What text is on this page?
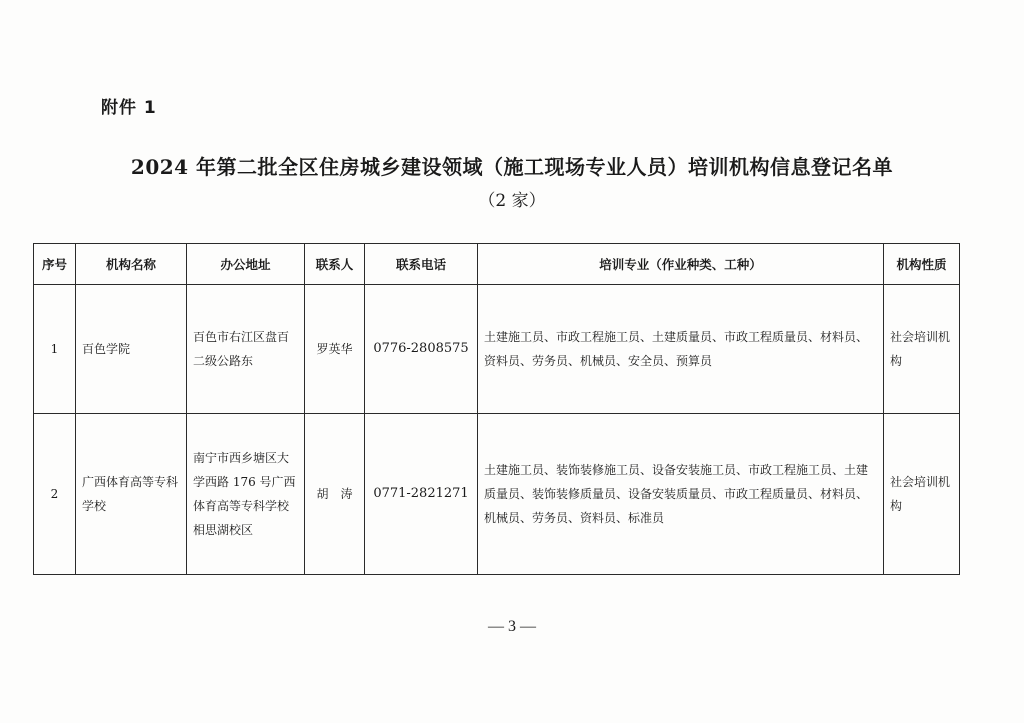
附件 1
2024 年第二批全区住房城乡建设领域（施工现场专业人员）培训机构信息登记名单
（2 家）
序号	机构名称	办公地址	联系人	联系电话	培训专业（作业种类、工种）	机构性质
1	百色学院	百色市右江区盘百二级公路东	罗英华	0776-2808575	土建施工员、市政工程施工员、土建质量员、市政工程质量员、材料员、资料员、劳务员、机械员、安全员、预算员	社会培训机构
2	广西体育高等专科学校	南宁市西乡塘区大学西路 176 号广西体育高等专科学校相思湖校区	胡　涛	0771-2821271	土建施工员、装饰装修施工员、设备安装施工员、市政工程施工员、土建质量员、装饰装修质量员、设备安装质量员、市政工程质量员、材料员、机械员、劳务员、资料员、标准员	社会培训机构
— 3 —
